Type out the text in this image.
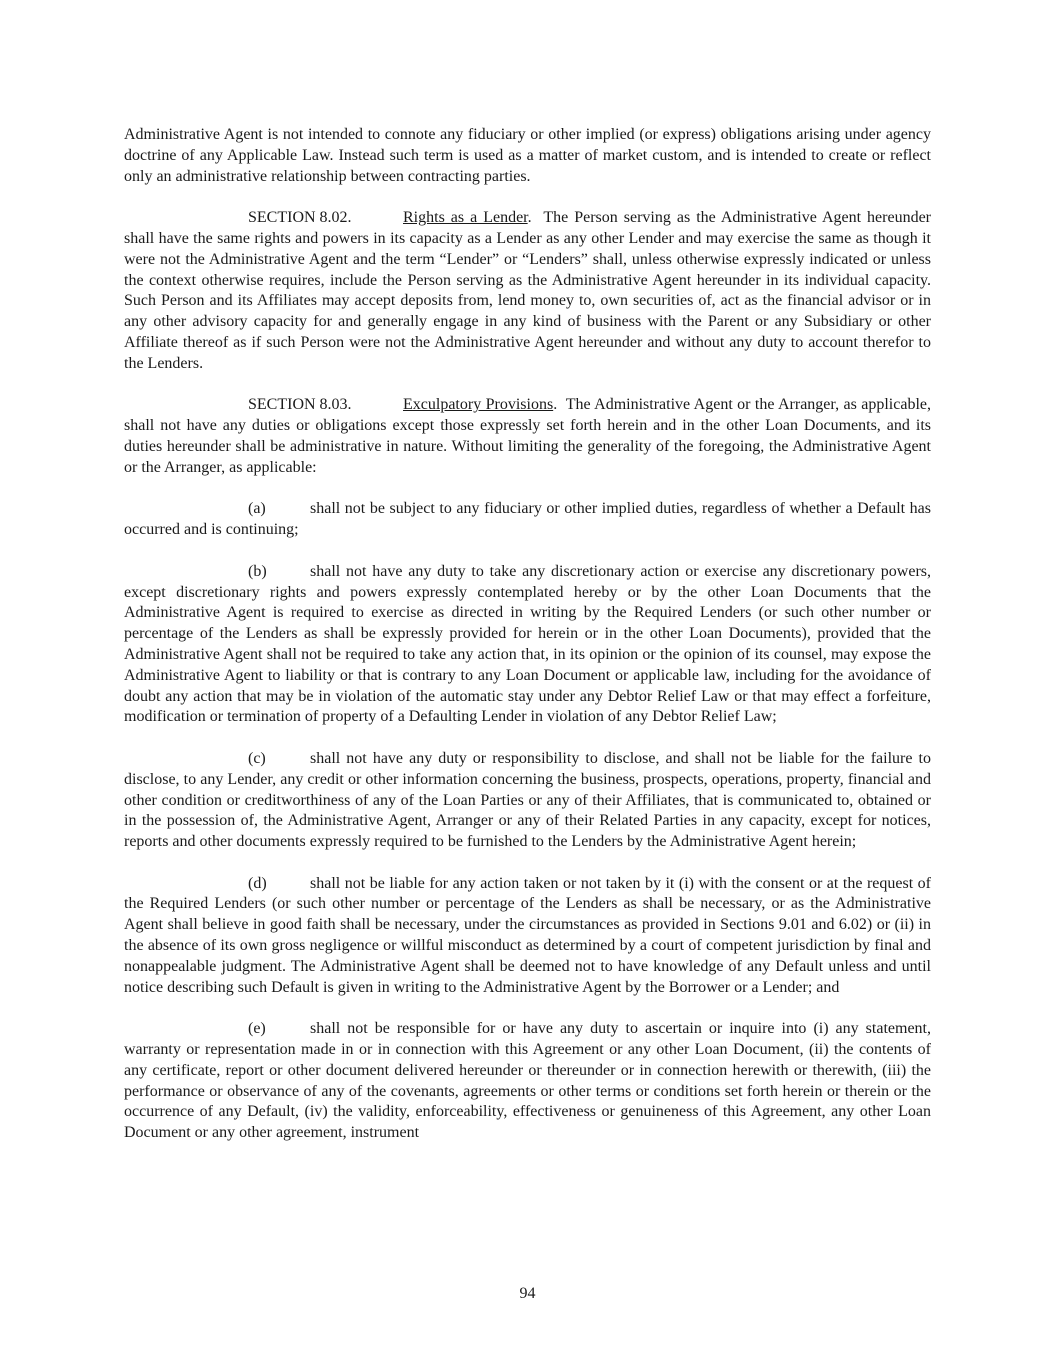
Administrative Agent is not intended to connote any fiduciary or other implied (or express) obligations arising under agency doctrine of any Applicable Law. Instead such term is used as a matter of market custom, and is intended to create or reflect only an administrative relationship between contracting parties.

SECTION 8.02.	Rights as a Lender. The Person serving as the Administrative Agent hereunder shall have the same rights and powers in its capacity as a Lender as any other Lender and may exercise the same as though it were not the Administrative Agent and the term “Lender” or “Lenders” shall, unless otherwise expressly indicated or unless the context otherwise requires, include the Person serving as the Administrative Agent hereunder in its individual capacity. Such Person and its Affiliates may accept deposits from, lend money to, own securities of, act as the financial advisor or in any other advisory capacity for and generally engage in any kind of business with the Parent or any Subsidiary or other Affiliate thereof as if such Person were not the Administrative Agent hereunder and without any duty to account therefor to the Lenders.

SECTION 8.03.	Exculpatory Provisions. The Administrative Agent or the Arranger, as applicable, shall not have any duties or obligations except those expressly set forth herein and in the other Loan Documents, and its duties hereunder shall be administrative in nature. Without limiting the generality of the foregoing, the Administrative Agent or the Arranger, as applicable:

(a)	shall not be subject to any fiduciary or other implied duties, regardless of whether a Default has occurred and is continuing;

(b)	shall not have any duty to take any discretionary action or exercise any discretionary powers, except discretionary rights and powers expressly contemplated hereby or by the other Loan Documents that the Administrative Agent is required to exercise as directed in writing by the Required Lenders (or such other number or percentage of the Lenders as shall be expressly provided for herein or in the other Loan Documents), provided that the Administrative Agent shall not be required to take any action that, in its opinion or the opinion of its counsel, may expose the Administrative Agent to liability or that is contrary to any Loan Document or applicable law, including for the avoidance of doubt any action that may be in violation of the automatic stay under any Debtor Relief Law or that may effect a forfeiture, modification or termination of property of a Defaulting Lender in violation of any Debtor Relief Law;

(c)	shall not have any duty or responsibility to disclose, and shall not be liable for the failure to disclose, to any Lender, any credit or other information concerning the business, prospects, operations, property, financial and other condition or creditworthiness of any of the Loan Parties or any of their Affiliates, that is communicated to, obtained or in the possession of, the Administrative Agent, Arranger or any of their Related Parties in any capacity, except for notices, reports and other documents expressly required to be furnished to the Lenders by the Administrative Agent herein;

(d)	shall not be liable for any action taken or not taken by it (i) with the consent or at the request of the Required Lenders (or such other number or percentage of the Lenders as shall be necessary, or as the Administrative Agent shall believe in good faith shall be necessary, under the circumstances as provided in Sections 9.01 and 6.02) or (ii) in the absence of its own gross negligence or willful misconduct as determined by a court of competent jurisdiction by final and nonappealable judgment. The Administrative Agent shall be deemed not to have knowledge of any Default unless and until notice describing such Default is given in writing to the Administrative Agent by the Borrower or a Lender; and

(e)	shall not be responsible for or have any duty to ascertain or inquire into (i) any statement, warranty or representation made in or in connection with this Agreement or any other Loan Document, (ii) the contents of any certificate, report or other document delivered hereunder or thereunder or in connection herewith or therewith, (iii) the performance or observance of any of the covenants, agreements or other terms or conditions set forth herein or therein or the occurrence of any Default, (iv) the validity, enforceability, effectiveness or genuineness of this Agreement, any other Loan Document or any other agreement, instrument

94
